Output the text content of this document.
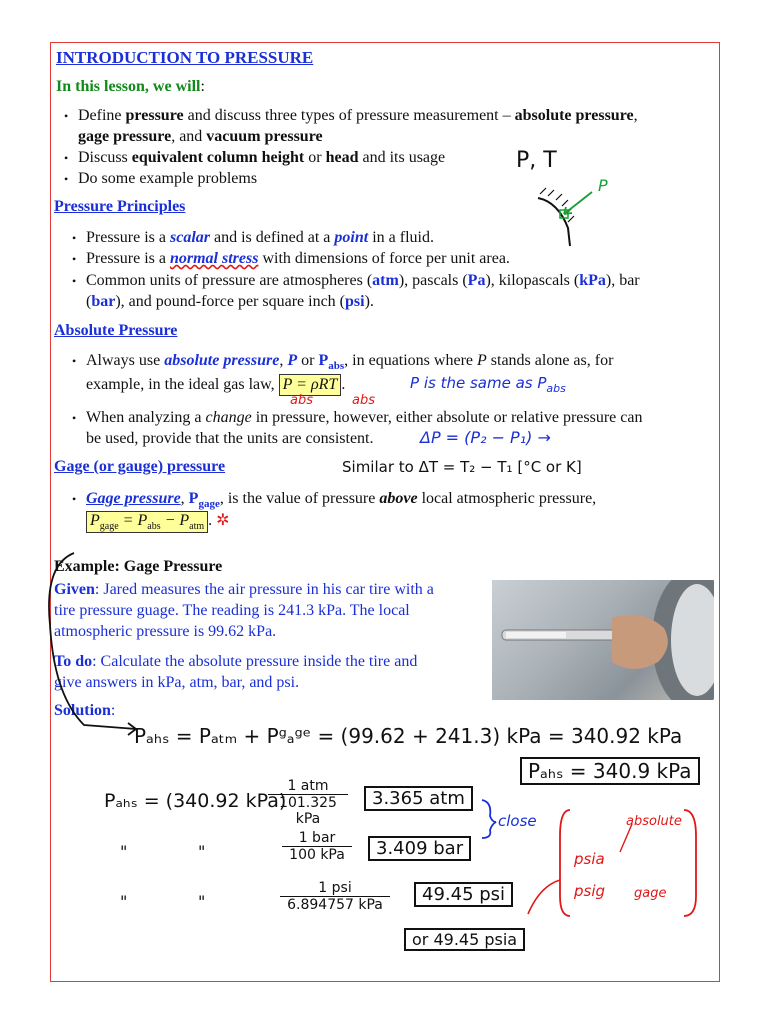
INTRODUCTION TO PRESSURE
In this lesson, we will:
• Define pressure and discuss three types of pressure measurement – absolute pressure,
gage pressure, and vacuum pressure
• Discuss equivalent column height or head and its usage
• Do some example problems
P, T
P
Pressure Principles
• Pressure is a scalar and is defined at a point in a fluid.
• Pressure is a normal stress with dimensions of force per unit area.
• Common units of pressure are atmospheres (atm), pascals (Pa), kilopascals (kPa), bar
(bar), and pound-force per square inch (psi).
Absolute Pressure
• Always use absolute pressure, P or $P_{abs}$, in equations where P stands alone as, for
example, in the ideal gas law, P = ρRT .
abs	abs
P is the same as $P_{abs}$
• When analyzing a change in pressure, however, either absolute or relative pressure can
be used, provide that the units are consistent.	ΔP = (P₂ − P₁) →
Gage (or gauge) pressure	Similar to ΔT = T₂ − T₁ [°C or K]
• Gage pressure, $P_{gage}$, is the value of pressure above local atmospheric pressure,
$P_{gage} = P_{abs} - P_{atm}$ . ✲
Example: Gage Pressure
Given: Jared measures the air pressure in his car tire with a
tire pressure guage. The reading is 241.3 kPa. The local
atmospheric pressure is 99.62 kPa.
To do: Calculate the absolute pressure inside the tire and
give answers in kPa, atm, bar, and psi.
Solution:
Pₐₕₛ = Pₐₜₘ + Pᵍₐᵍᵉ = (99.62 + 241.3) kPa = 340.92 kPa
Pₐₕₛ = 340.9 kPa
Pₐₕₛ = (340.92 kPa)
1 atm
101.325 kPa
3.365 atm
close
"	"
1 bar
100 kPa	3.409 bar
"	"
1 psi
6.894757 kPa	49.45 psi
or 49.45 psia
absolute
psia
psig gage
